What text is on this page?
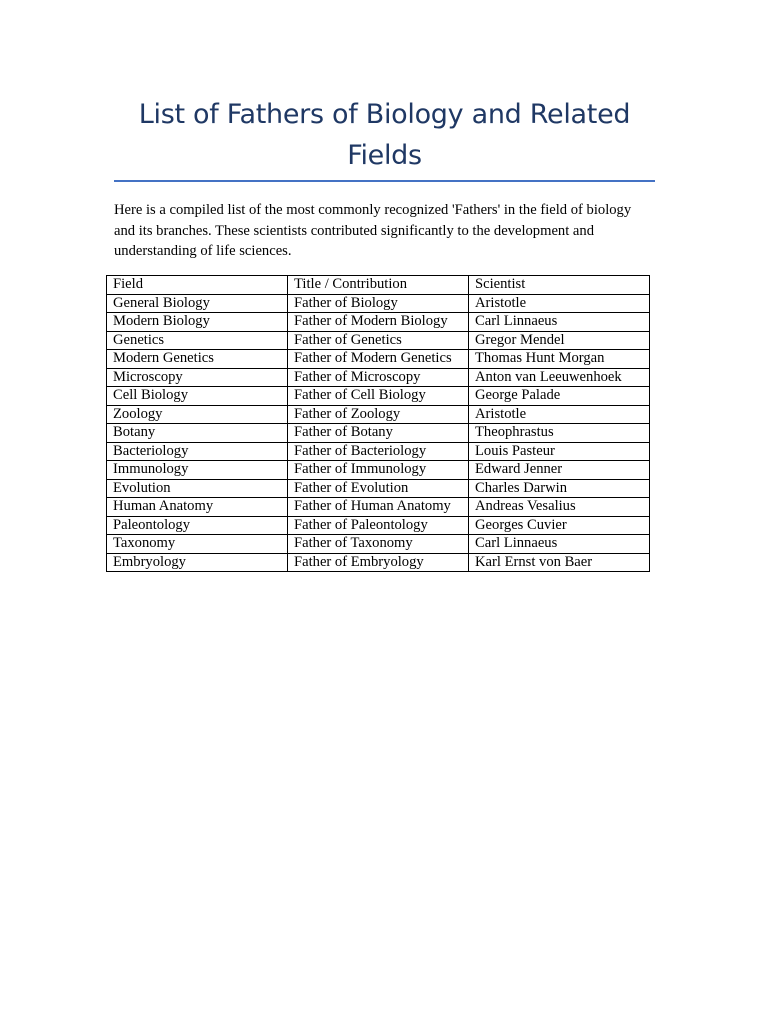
List of Fathers of Biology and Related Fields

Here is a compiled list of the most commonly recognized 'Fathers' in the field of biology and its branches. These scientists contributed significantly to the development and understanding of life sciences.

Field	Title / Contribution	Scientist
General Biology	Father of Biology	Aristotle
Modern Biology	Father of Modern Biology	Carl Linnaeus
Genetics	Father of Genetics	Gregor Mendel
Modern Genetics	Father of Modern Genetics	Thomas Hunt Morgan
Microscopy	Father of Microscopy	Anton van Leeuwenhoek
Cell Biology	Father of Cell Biology	George Palade
Zoology	Father of Zoology	Aristotle
Botany	Father of Botany	Theophrastus
Bacteriology	Father of Bacteriology	Louis Pasteur
Immunology	Father of Immunology	Edward Jenner
Evolution	Father of Evolution	Charles Darwin
Human Anatomy	Father of Human Anatomy	Andreas Vesalius
Paleontology	Father of Paleontology	Georges Cuvier
Taxonomy	Father of Taxonomy	Carl Linnaeus
Embryology	Father of Embryology	Karl Ernst von Baer
